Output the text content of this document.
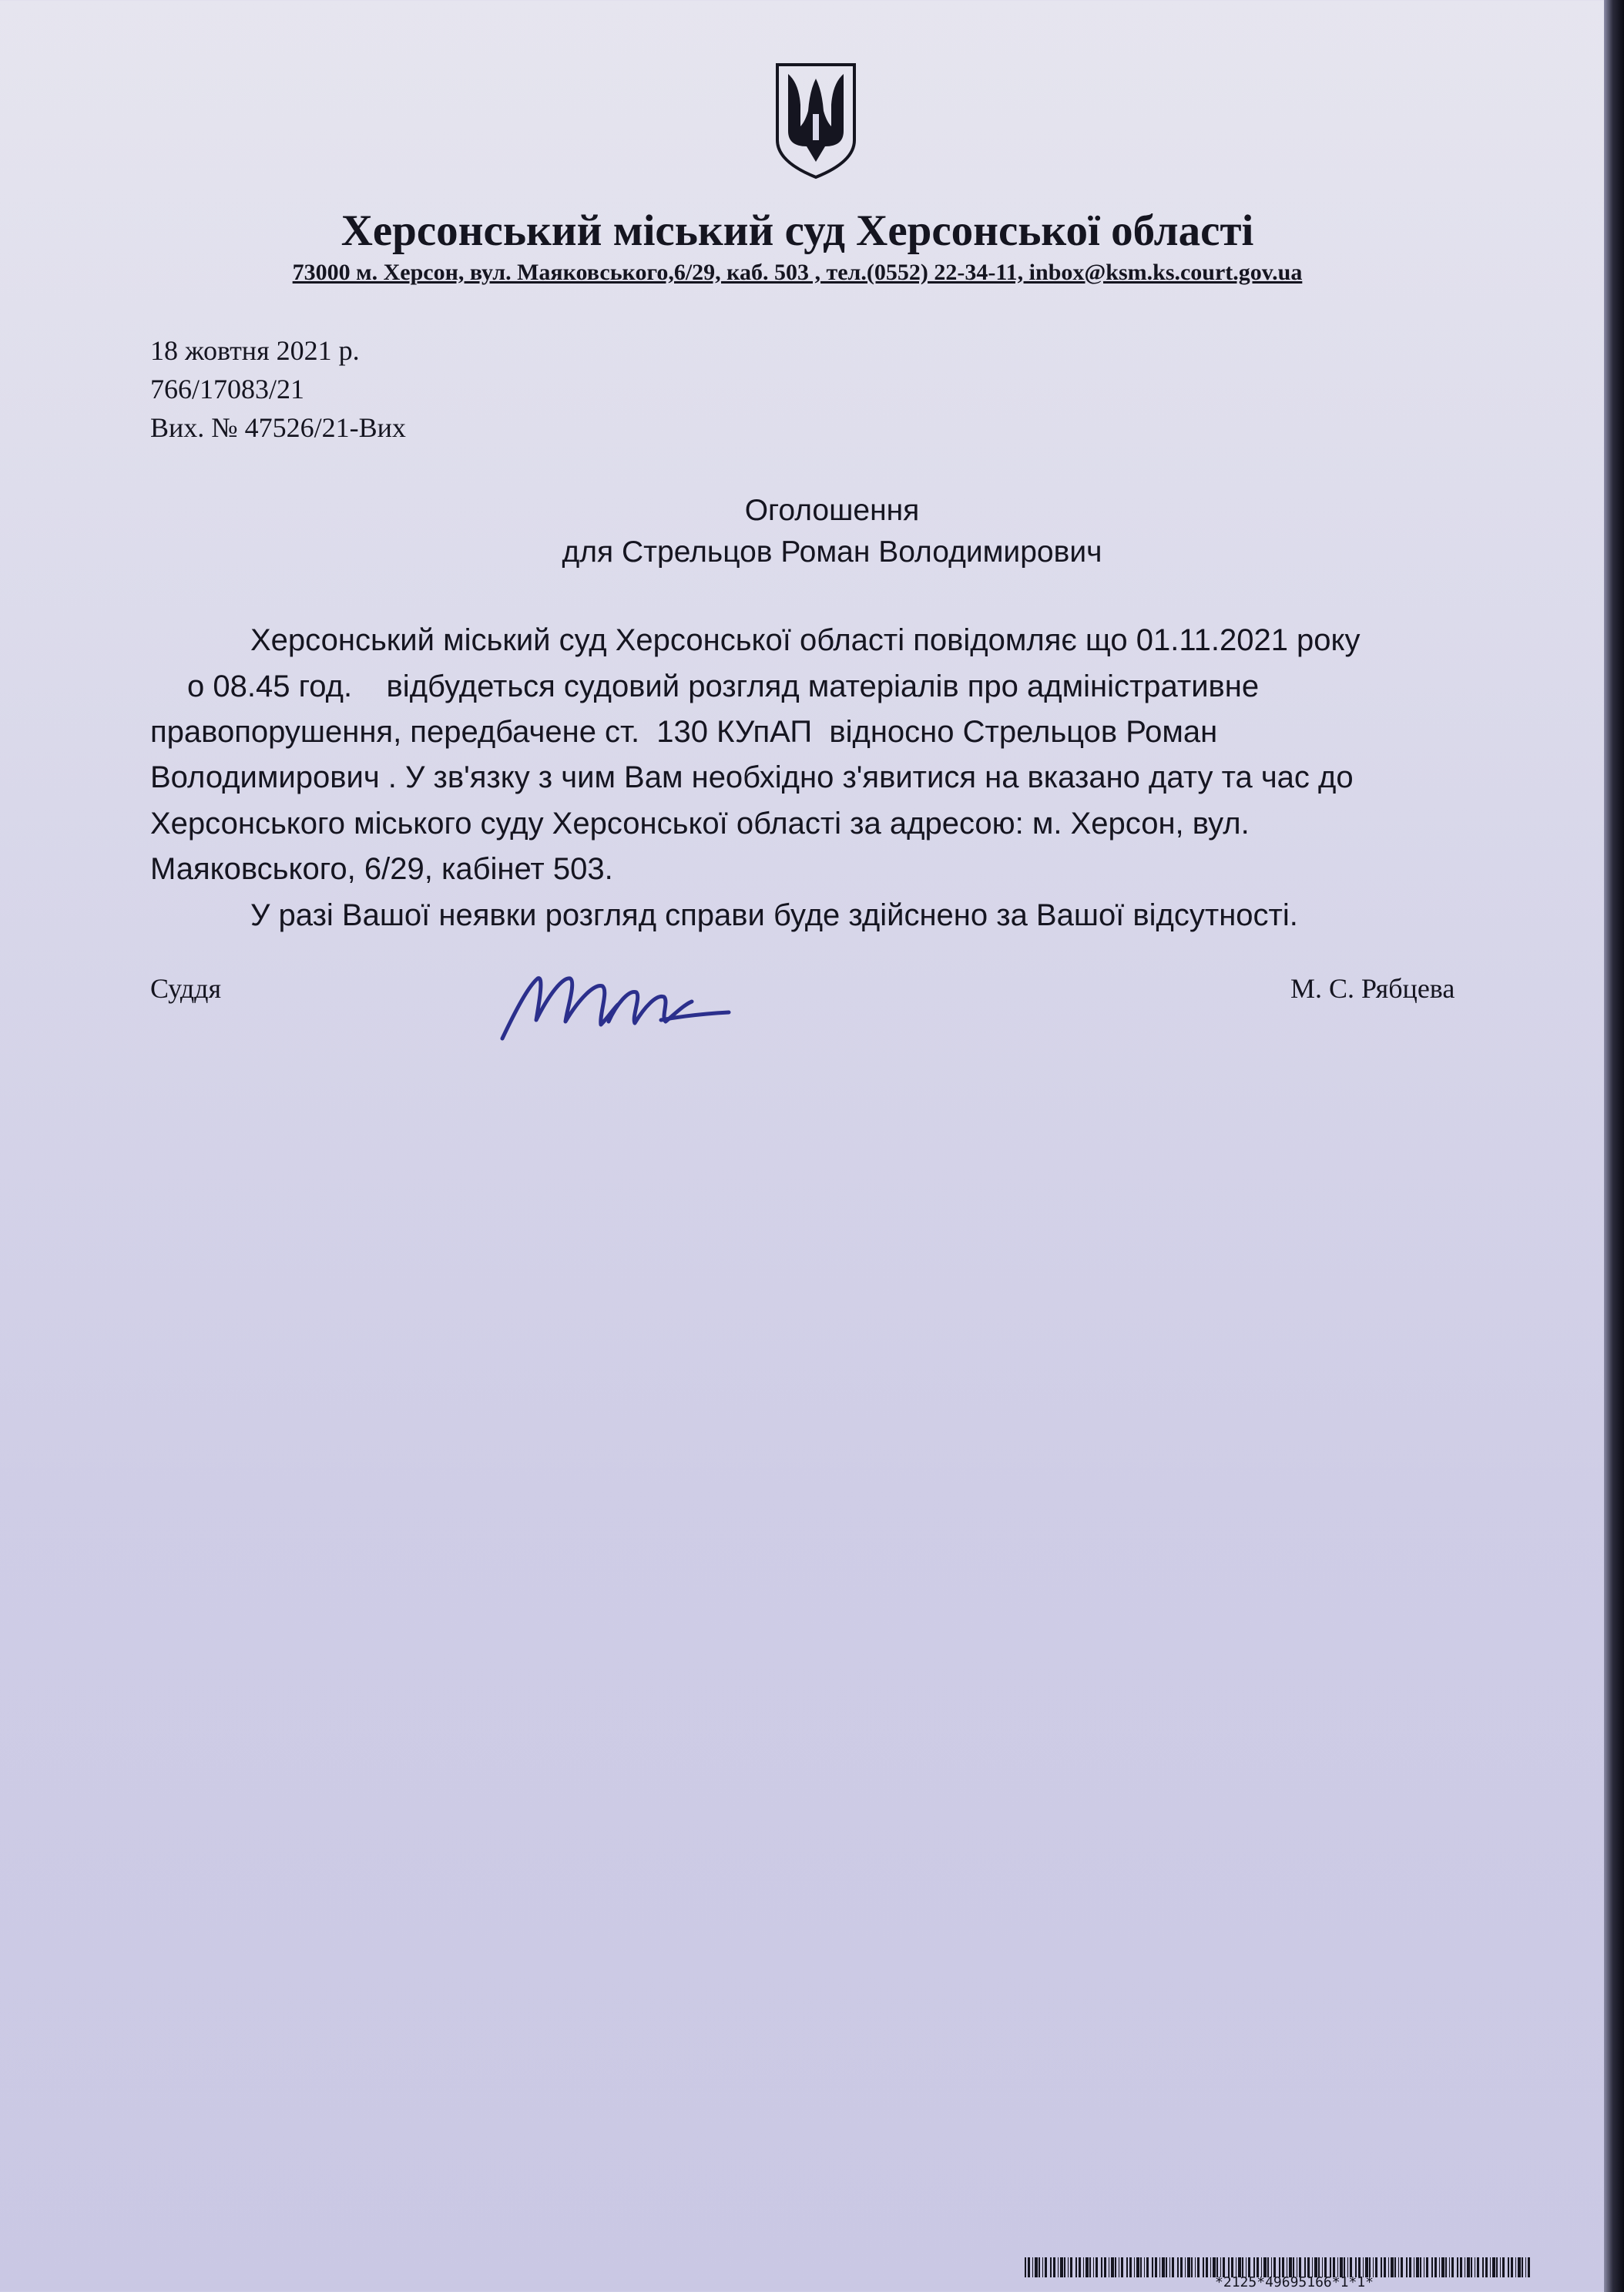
Херсонський міський суд Херсонської області
73000 м. Херсон, вул. Маяковського,6/29, каб. 503 , тел.(0552) 22-34-11, inbox@ksm.ks.court.gov.ua
18 жовтня 2021 р.
766/17083/21
Вих. № 47526/21-Вих
Оголошення
для Стрельцов Роман Володимирович
Херсонський міський суд Херсонської області повідомляє що 01.11.2021 року
о 08.45 год.    відбудеться судовий розгляд матеріалів про адміністративне
правопорушення, передбачене ст.  130 КУпАП  відносно Стрельцов Роман
Володимирович . У зв'язку з чим Вам необхідно з'явитися на вказано дату та час до
Херсонського міського суду Херсонської області за адресою: м. Херсон, вул.
Маяковського, 6/29, кабінет 503.
У разі Вашої неявки розгляд справи буде здійснено за Вашої відсутності.
Суддя	М. С. Рябцева
*2125*49695166*1*1*
